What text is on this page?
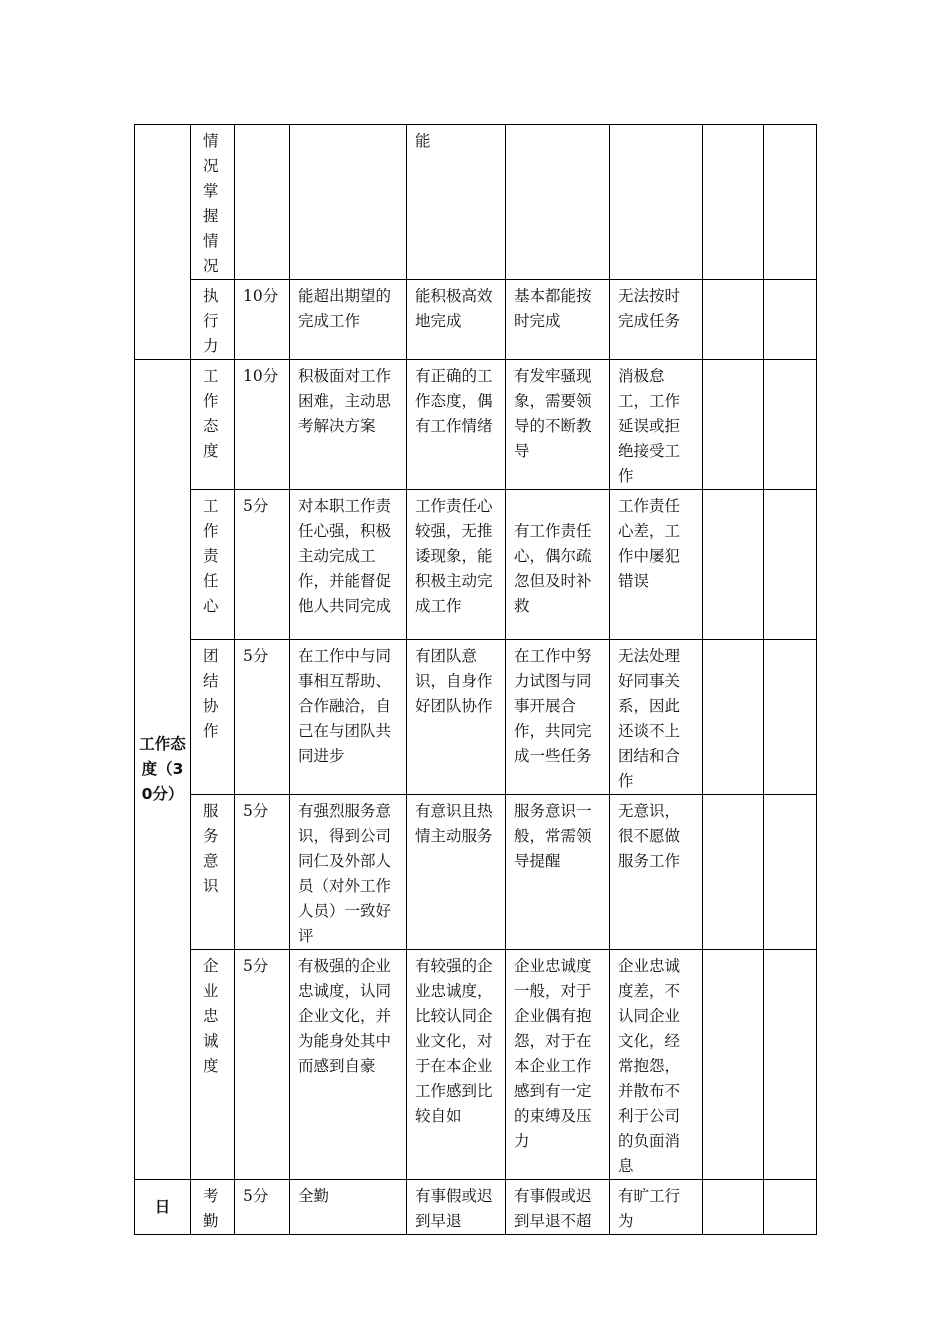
	情况掌握情况			能				
	执行力	10分	能超出期望的完成工作	能积极高效地完成	基本都能按时完成	无法按时完成任务		
工作态度（30分）	工作态度	10分	积极面对工作困难，主动思考解决方案	有正确的工作态度，偶有工作情绪	有发牢骚现象，需要领导的不断教导	消极怠工，工作延误或拒绝接受工作		
	工作责任心	5分	对本职工作责任心强，积极主动完成工作，并能督促他人共同完成	工作责任心较强，无推诿现象，能积极主动完成工作	有工作责任心，偶尔疏忽但及时补救	工作责任心差，工作中屡犯错误		
	团结协作	5分	在工作中与同事相互帮助、合作融洽，自己在与团队共同进步	有团队意识，自身作好团队协作	在工作中努力试图与同事开展合作，共同完成一些任务	无法处理好同事关系，因此还谈不上团结和合作		
	服务意识	5分	有强烈服务意识，得到公司同仁及外部人员（对外工作人员）一致好评	有意识且热情主动服务	服务意识一般，常需领导提醒	无意识，很不愿做服务工作		
	企业忠诚度	5分	有极强的企业忠诚度，认同企业文化，并为能身处其中而感到自豪	有较强的企业忠诚度，比较认同企业文化，对于在本企业工作感到比较自如	企业忠诚度一般，对于企业偶有抱怨，对于在本企业工作感到有一定的束缚及压力	企业忠诚度差，不认同企业文化，经常抱怨，并散布不利于公司的负面消息		
日	考勤	5分	全勤	有事假或迟到早退	有事假或迟到早退不超	有旷工行为		
